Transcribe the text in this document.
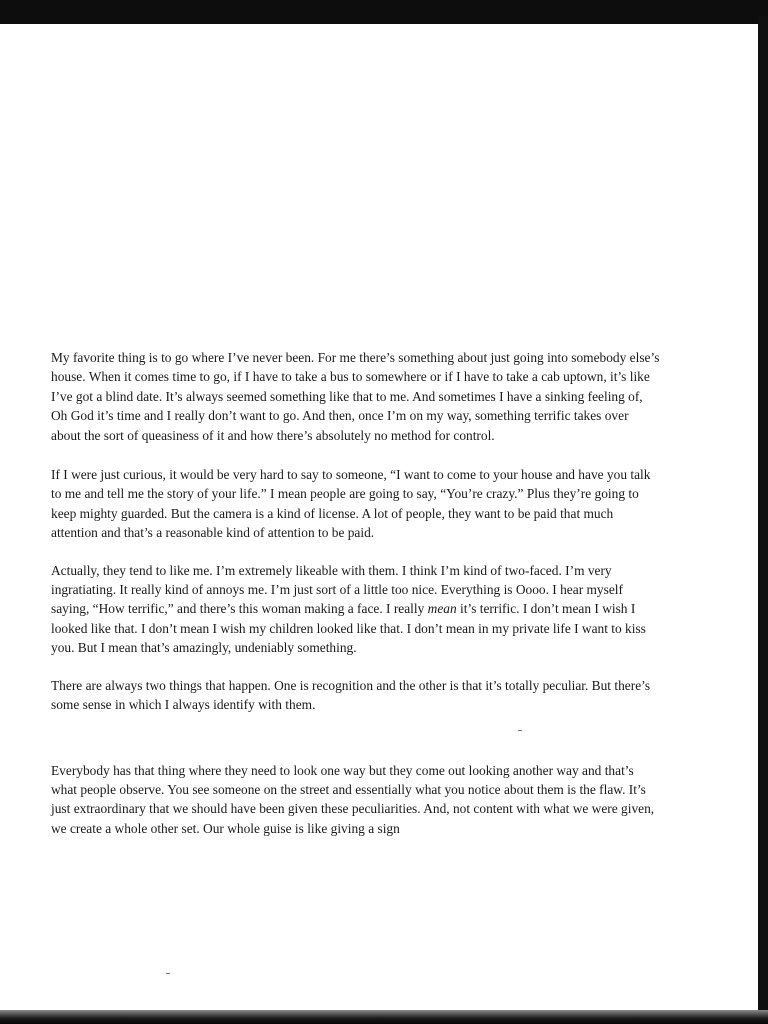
My favorite thing is to go where I’ve never been. For me there’s something about just going into somebody else’s house. When it comes time to go, if I have to take a bus to somewhere or if I have to take a cab uptown, it’s like I’ve got a blind date. It’s always seemed something like that to me. And sometimes I have a sinking feeling of, Oh God it’s time and I really don’t want to go. And then, once I’m on my way, something terrific takes over about the sort of queasiness of it and how there’s absolutely no method for control.

If I were just curious, it would be very hard to say to someone, “I want to come to your house and have you talk to me and tell me the story of your life.” I mean people are going to say, “You’re crazy.” Plus they’re going to keep mighty guarded. But the camera is a kind of license. A lot of people, they want to be paid that much attention and that’s a reasonable kind of attention to be paid.

Actually, they tend to like me. I’m extremely likeable with them. I think I’m kind of two-faced. I’m very ingratiating. It really kind of annoys me. I’m just sort of a little too nice. Everything is Oooo. I hear myself saying, “How terrific,” and there’s this woman making a face. I really mean it’s terrific. I don’t mean I wish I looked like that. I don’t mean I wish my children looked like that. I don’t mean in my private life I want to kiss you. But I mean that’s amazingly, undeniably something.

There are always two things that happen. One is recognition and the other is that it’s totally peculiar. But there’s some sense in which I always identify with them.

Everybody has that thing where they need to look one way but they come out looking another way and that’s what people observe. You see someone on the street and essentially what you notice about them is the flaw. It’s just extraordinary that we should have been given these peculiarities. And, not content with what we were given, we create a whole other set. Our whole guise is like giving a sign
